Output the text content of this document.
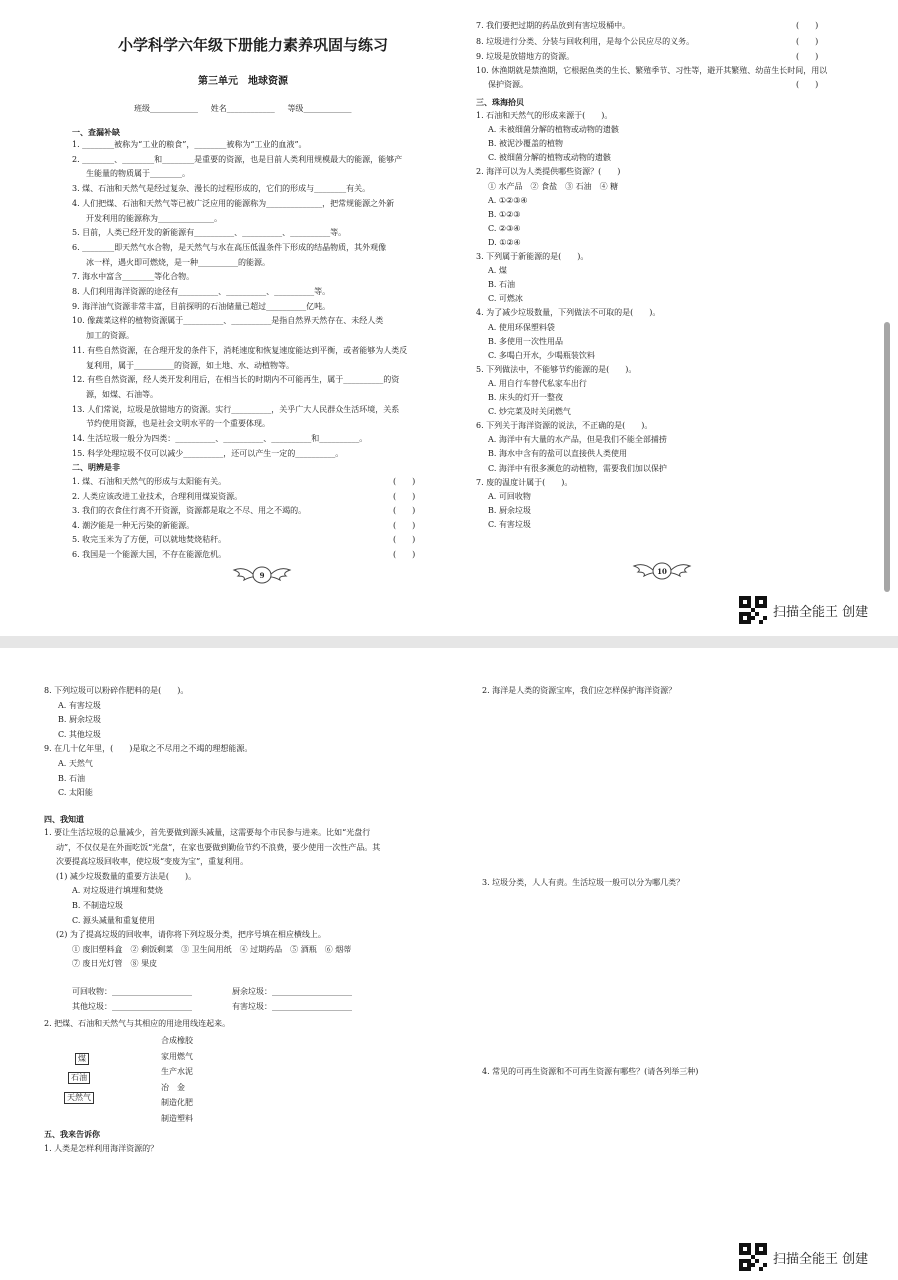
小学科学六年级下册能力素养巩固与练习
第三单元　地球资源
班级____________ 姓名____________ 等级____________
一、查漏补缺
1. ________被称为“工业的粮食”，________被称为“工业的血液”。
2. ________、________和________是重要的资源，也是目前人类利用规模最大的能源，能够产
生能量的物质属于________。
3. 煤、石油和天然气是经过复杂、漫长的过程形成的，它们的形成与________有关。
4. 人们把煤、石油和天然气等已被广泛应用的能源称为______________，把常规能源之外新
开发利用的能源称为______________。
5. 目前，人类已经开发的新能源有__________、__________、__________等。
6. ________即天然气水合物，是天然气与水在高压低温条件下形成的结晶物质，其外观像
冰一样，遇火即可燃烧，是一种__________的能源。
7. 海水中富含________等化合物。
8. 人们利用海洋资源的途径有__________、__________、__________等。
9. 海洋油气资源非常丰富，目前探明的石油储量已超过__________亿吨。
10. 像蔬菜这样的植物资源属于__________、__________是指自然界天然存在、未经人类
加工的资源。
11. 有些自然资源，在合理开发的条件下，消耗速度和恢复速度能达到平衡，或者能够为人类反
复利用，属于__________的资源，如土地、水、动植物等。
12. 有些自然资源，经人类开发利用后，在相当长的时期内不可能再生，属于__________的资
源，如煤、石油等。
13. 人们常说，垃圾是放错地方的资源。实行__________，关乎广大人民群众生活环境，关系
节约使用资源，也是社会文明水平的一个重要体现。
14. 生活垃圾一般分为四类：__________、__________、__________和__________。
15. 科学处理垃圾不仅可以减少__________，还可以产生一定的__________。
二、明辨是非
1. 煤、石油和天然气的形成与太阳能有关。	(　　)
2. 人类应该改进工业技术，合理利用煤炭资源。	(　　)
3. 我们的衣食住行离不开资源，资源都是取之不尽、用之不竭的。	(　　)
4. 潮汐能是一种无污染的新能源。	(　　)
5. 收完玉米为了方便，可以就地焚烧秸秆。	(　　)
6. 我国是一个能源大国，不存在能源危机。	(　　)
9
7. 我们要把过期的药品放到有害垃圾桶中。	(　　)
8. 垃圾进行分类、分装与回收利用，是每个公民应尽的义务。	(　　)
9. 垃圾是放错地方的资源。	(　　)
10. 休渔期就是禁渔期，它根据鱼类的生长、繁殖季节、习性等，避开其繁殖、幼苗生长时间，用以
保护资源。	(　　)
三、珠海拾贝
1. 石油和天然气的形成来源于(　　)。
A. 未被细菌分解的植物或动物的遗骸
B. 被泥沙覆盖的植物
C. 被细菌分解的植物或动物的遗骸
2. 海洋可以为人类提供哪些资源？(　　)
① 水产品　② 食盐　③ 石油　④ 糖
A. ①②③④
B. ①②③
C. ②③④
D. ①②④
3. 下列属于新能源的是(　　)。
A. 煤
B. 石油
C. 可燃冰
4. 为了减少垃圾数量，下列做法不可取的是(　　)。
A. 使用环保塑料袋
B. 多使用一次性用品
C. 多喝白开水，少喝瓶装饮料
5. 下列做法中，不能够节约能源的是(　　)。
A. 用自行车替代私家车出行
B. 床头的灯开一整夜
C. 炒完菜及时关闭燃气
6. 下列关于海洋资源的说法，不正确的是(　　)。
A. 海洋中有大量的水产品，但是我们不能全部捕捞
B. 海水中含有的盐可以直接供人类使用
C. 海洋中有很多濒危的动植物，需要我们加以保护
7. 废的温度计属于(　　)。
A. 可回收物
B. 厨余垃圾
C. 有害垃圾
10
扫描全能王 创建
8. 下列垃圾可以粉碎作肥料的是(　　)。
A. 有害垃圾
B. 厨余垃圾
C. 其他垃圾
9. 在几十亿年里，(　　)是取之不尽用之不竭的理想能源。
A. 天然气
B. 石油
C. 太阳能
四、我知道
1. 要让生活垃圾的总量减少，首先要做到源头减量，这需要每个市民参与进来。比如“光盘行
动”，不仅仅是在外面吃饭“光盘”，在家也要做到勤俭节约不浪费，要少使用一次性产品。其
次要提高垃圾回收率，使垃圾“变废为宝”，重复利用。
(1) 减少垃圾数量的重要方法是(　　)。
A. 对垃圾进行填埋和焚烧
B. 不制造垃圾
C. 源头减量和重复使用
(2) 为了提高垃圾的回收率，请你将下列垃圾分类，把序号填在相应横线上。
① 废旧塑料盒　② 剩饭剩菜　③ 卫生间用纸　④ 过期药品　⑤ 酒瓶　⑥ 烟蒂
⑦ 废日光灯管　⑧ 果皮
可回收物：____________________	厨余垃圾：____________________
其他垃圾：____________________	有害垃圾：____________________
2. 把煤、石油和天然气与其相应的用途用线连起来。
煤
石油
天然气
合成橡胶
家用燃气
生产水泥
冶　金
制造化肥
制造塑料
五、我来告诉你
1. 人类是怎样利用海洋资源的？
2. 海洋是人类的资源宝库，我们应怎样保护海洋资源？
3. 垃圾分类，人人有责。生活垃圾一般可以分为哪几类？
4. 常见的可再生资源和不可再生资源有哪些？(请各列举三种)
扫描全能王 创建
